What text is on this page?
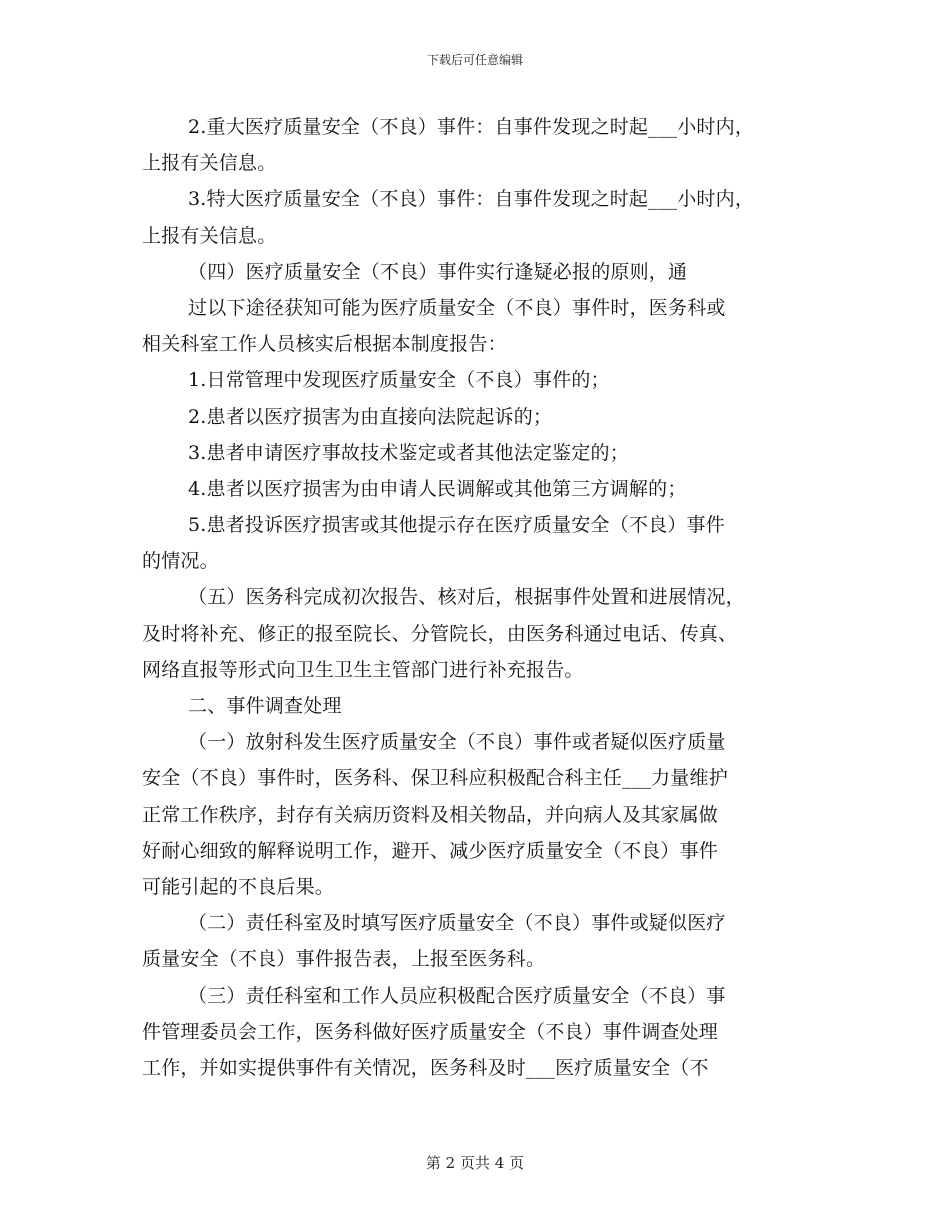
下载后可任意编辑
2.重大医疗质量安全（不良）事件：自事件发现之时起___小时内，
上报有关信息。
3.特大医疗质量安全（不良）事件：自事件发现之时起___小时内，
上报有关信息。
（四）医疗质量安全（不良）事件实行逢疑必报的原则，通
过以下途径获知可能为医疗质量安全（不良）事件时，医务科或
相关科室工作人员核实后根据本制度报告：
1.日常管理中发现医疗质量安全（不良）事件的；
2.患者以医疗损害为由直接向法院起诉的；
3.患者申请医疗事故技术鉴定或者其他法定鉴定的；
4.患者以医疗损害为由申请人民调解或其他第三方调解的；
5.患者投诉医疗损害或其他提示存在医疗质量安全（不良）事件
的情况。
（五）医务科完成初次报告、核对后，根据事件处置和进展情况，
及时将补充、修正的报至院长、分管院长，由医务科通过电话、传真、
网络直报等形式向卫生卫生主管部门进行补充报告。
二、事件调查处理
（一）放射科发生医疗质量安全（不良）事件或者疑似医疗质量
安全（不良）事件时，医务科、保卫科应积极配合科主任___力量维护
正常工作秩序，封存有关病历资料及相关物品，并向病人及其家属做
好耐心细致的解释说明工作，避开、减少医疗质量安全（不良）事件
可能引起的不良后果。
（二）责任科室及时填写医疗质量安全（不良）事件或疑似医疗
质量安全（不良）事件报告表，上报至医务科。
（三）责任科室和工作人员应积极配合医疗质量安全（不良）事
件管理委员会工作，医务科做好医疗质量安全（不良）事件调查处理
工作，并如实提供事件有关情况，医务科及时___医疗质量安全（不
第 2 页共 4 页
